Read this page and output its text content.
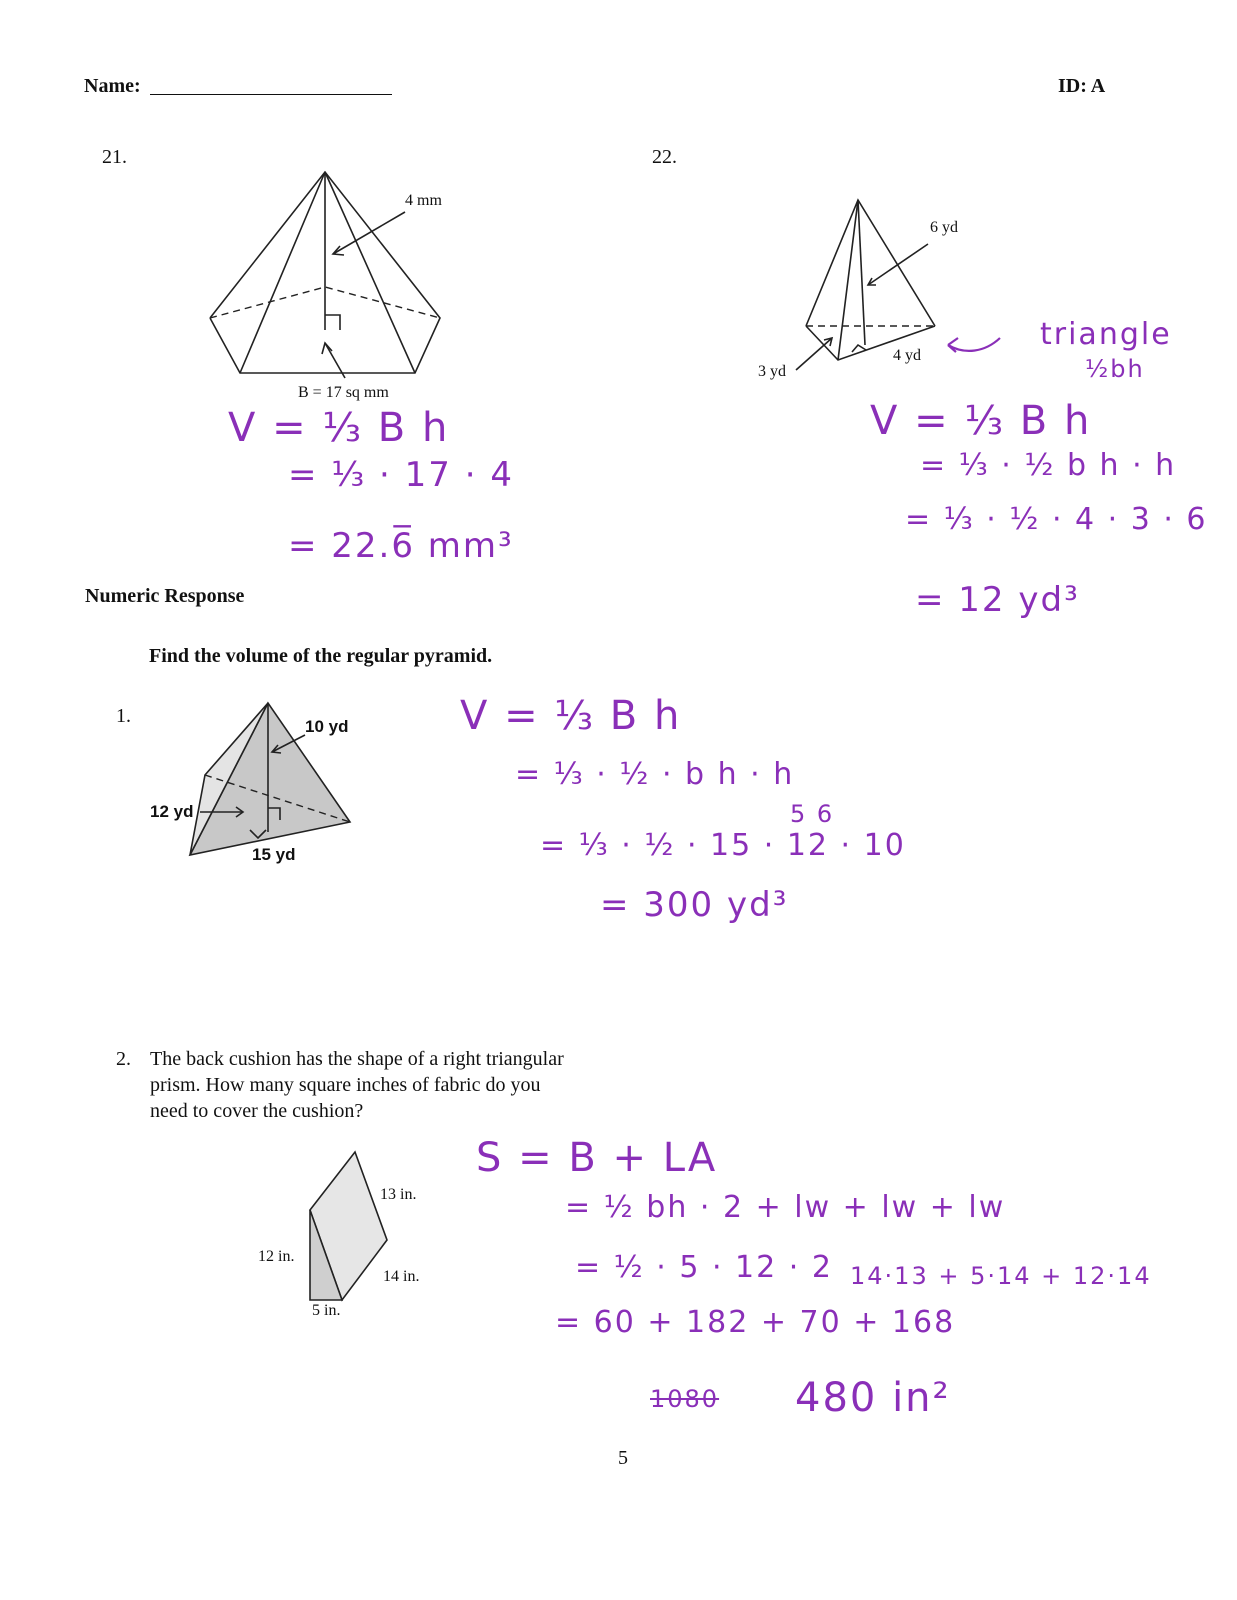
Name:	ID: A
21.	22.
4 mm
B = 17 sq mm
6 yd
3 yd
4 yd
V = ⅓ B h
= ⅓ · 17 · 4
= 22.6̅ mm³
triangle
½bh
V = ⅓ B h
= ⅓ · ½ b h · h
= ⅓ · ½ · 4 · 3 · 6
= 12 yd³
Numeric Response
Find the volume of the regular pyramid.
1.	10 yd
12 yd
15 yd
V = ⅓ B h
= ⅓ · ½ · b h · h
5 6
= ⅓ · ½ · 15 · 12 · 10
= 300 yd³
2. The back cushion has the shape of a right triangular
prism. How many square inches of fabric do you
need to cover the cushion?
13 in.
12 in.
14 in.
5 in.
S = B + LA
= ½ bh · 2 + lw + lw + lw
= ½ · 5 · 12 · 2 14·13 + 5·14 + 12·14
= 60 + 182 + 70 + 168
1080 480 in²
5
